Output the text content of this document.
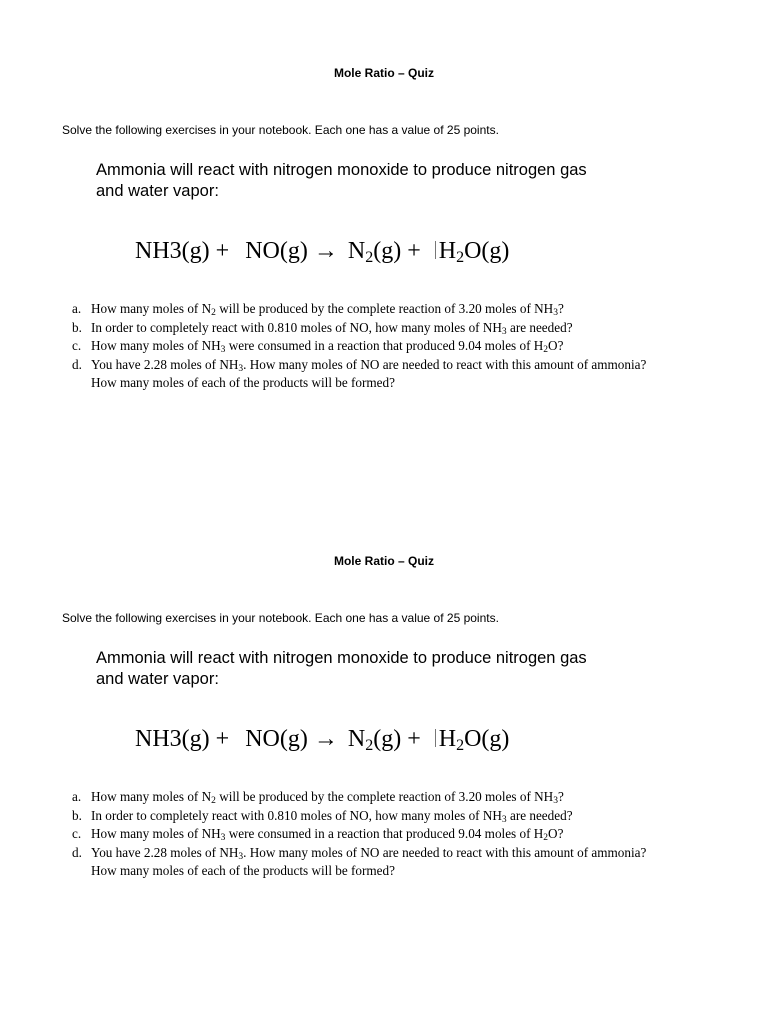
Mole Ratio – Quiz
Solve the following exercises in your notebook. Each one has a value of 25 points.
Ammonia will react with nitrogen monoxide to produce nitrogen gas
and water vapor:
$NH3(g) + NO(g) \to N_2(g) + H_2O(g)$
a. How many moles of $N_2$ will be produced by the complete reaction of 3.20 moles of $NH_3$?
b. In order to completely react with 0.810 moles of NO, how many moles of $NH_3$ are needed?
c. How many moles of $NH_3$ were consumed in a reaction that produced 9.04 moles of $H_2O$?
d. You have 2.28 moles of $NH_3$. How many moles of NO are needed to react with this amount of ammonia?
How many moles of each of the products will be formed?
Mole Ratio – Quiz
Solve the following exercises in your notebook. Each one has a value of 25 points.
Ammonia will react with nitrogen monoxide to produce nitrogen gas
and water vapor:
$NH3(g) + NO(g) \to N_2(g) + H_2O(g)$
a. How many moles of $N_2$ will be produced by the complete reaction of 3.20 moles of $NH_3$?
b. In order to completely react with 0.810 moles of NO, how many moles of $NH_3$ are needed?
c. How many moles of $NH_3$ were consumed in a reaction that produced 9.04 moles of $H_2O$?
d. You have 2.28 moles of $NH_3$. How many moles of NO are needed to react with this amount of ammonia?
How many moles of each of the products will be formed?
